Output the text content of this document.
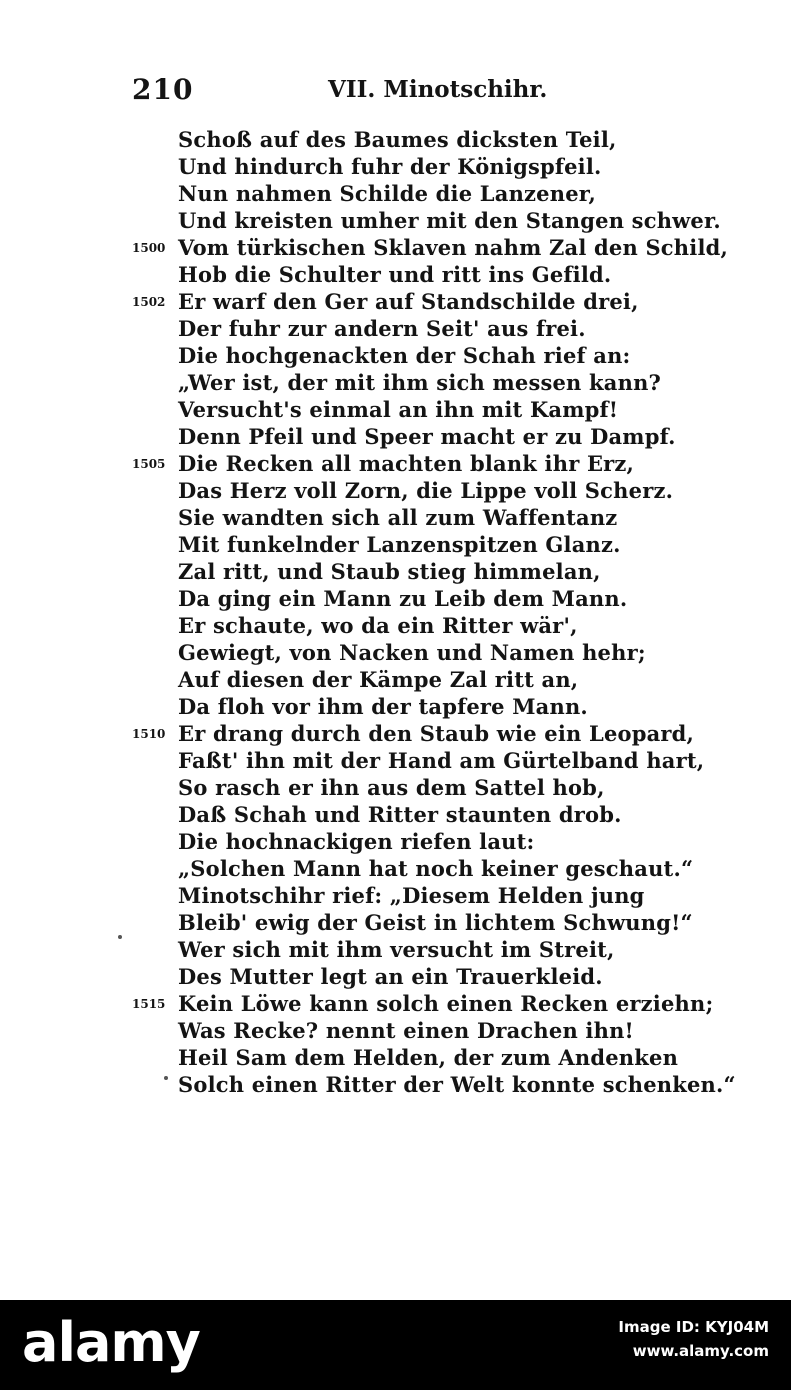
210	VII. Minotschihr.

Schoß auf des Baumes dicksten Teil,
Und hindurch fuhr der Königspfeil.
Nun nahmen Schilde die Lanzener,
Und kreisten umher mit den Stangen schwer.
1500 Vom türkischen Sklaven nahm Zal den Schild,
Hob die Schulter und ritt ins Gefild.
1502 Er warf den Ger auf Standschilde drei,
Der fuhr zur andern Seit' aus frei.
Die hochgenackten der Schah rief an:
„Wer ist, der mit ihm sich messen kann?
Versucht's einmal an ihn mit Kampf!
Denn Pfeil und Speer macht er zu Dampf.
1505 Die Recken all machten blank ihr Erz,
Das Herz voll Zorn, die Lippe voll Scherz.
Sie wandten sich all zum Waffentanz
Mit funkelnder Lanzenspitzen Glanz.
Zal ritt, und Staub stieg himmelan,
Da ging ein Mann zu Leib dem Mann.
Er schaute, wo da ein Ritter wär',
Gewiegt, von Nacken und Namen hehr;
Auf diesen der Kämpe Zal ritt an,
Da floh vor ihm der tapfere Mann.
1510 Er drang durch den Staub wie ein Leopard,
Faßt' ihn mit der Hand am Gürtelband hart,
So rasch er ihn aus dem Sattel hob,
Daß Schah und Ritter staunten drob.
Die hochnackigen riefen laut:
„Solchen Mann hat noch keiner geschaut.“
Minotschihr rief: „Diesem Helden jung
Bleib' ewig der Geist in lichtem Schwung!“
Wer sich mit ihm versucht im Streit,
Des Mutter legt an ein Trauerkleid.
1515 Kein Löwe kann solch einen Recken erziehn;
Was Recke? nennt einen Drachen ihn!
Heil Sam dem Helden, der zum Andenken
Solch einen Ritter der Welt konnte schenken.“

alamy	Image ID: KYJ04M
www.alamy.com
